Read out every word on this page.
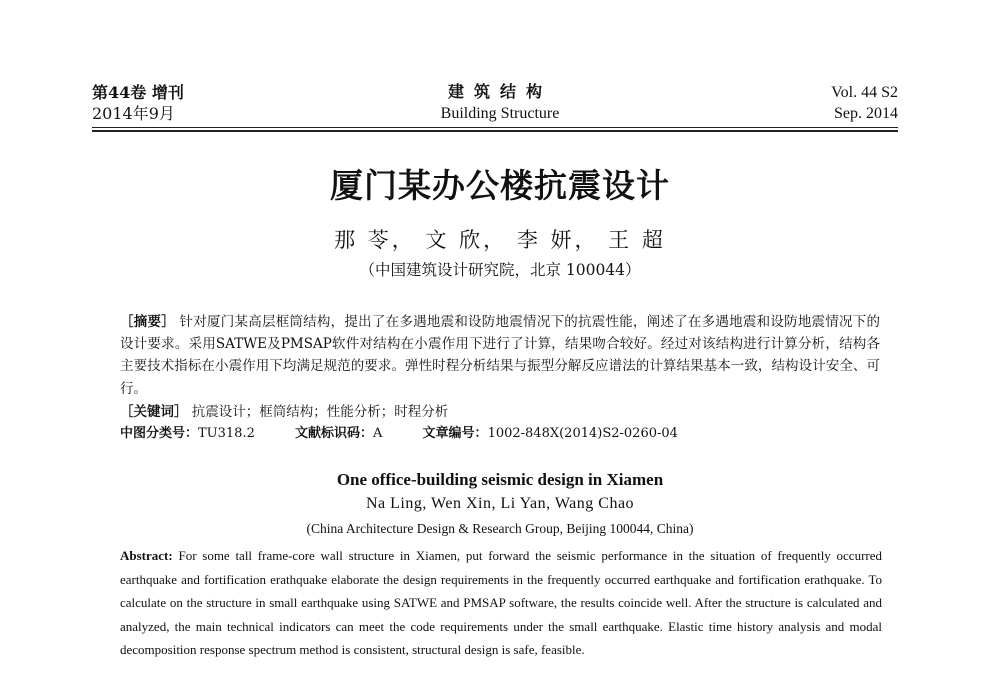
第44卷 增刊
2014年9月
建筑结构
Building Structure
Vol. 44 S2
Sep. 2014
厦门某办公楼抗震设计
那 苓， 文 欣， 李 妍， 王 超
（中国建筑设计研究院，北京 100044）
［摘要］ 针对厦门某高层框筒结构，提出了在多遇地震和设防地震情况下的抗震性能，阐述了在多遇地震和设防地震情况下的设计要求。采用SATWE及PMSAP软件对结构在小震作用下进行了计算，结果吻合较好。经过对该结构进行计算分析，结构各主要技术指标在小震作用下均满足规范的要求。弹性时程分析结果与振型分解反应谱法的计算结果基本一致，结构设计安全、可行。
［关键词］ 抗震设计；框筒结构；性能分析；时程分析
中图分类号：TU318.2	文献标识码：A	文章编号：1002-848X(2014)S2-0260-04
One office-building seismic design in Xiamen
Na Ling, Wen Xin, Li Yan, Wang Chao
(China Architecture Design & Research Group, Beijing 100044, China)
Abstract: For some tall frame-core wall structure in Xiamen, put forward the seismic performance in the situation of frequently occurred earthquake and fortification erathquake elaborate the design requirements in the frequently occurred earthquake and fortification erathquake. To calculate on the structure in small earthquake using SATWE and PMSAP software, the results coincide well. After the structure is calculated and analyzed, the main technical indicators can meet the code requirements under the small earthquake. Elastic time history analysis and modal decomposition response spectrum method is consistent, structural design is safe, feasible.
